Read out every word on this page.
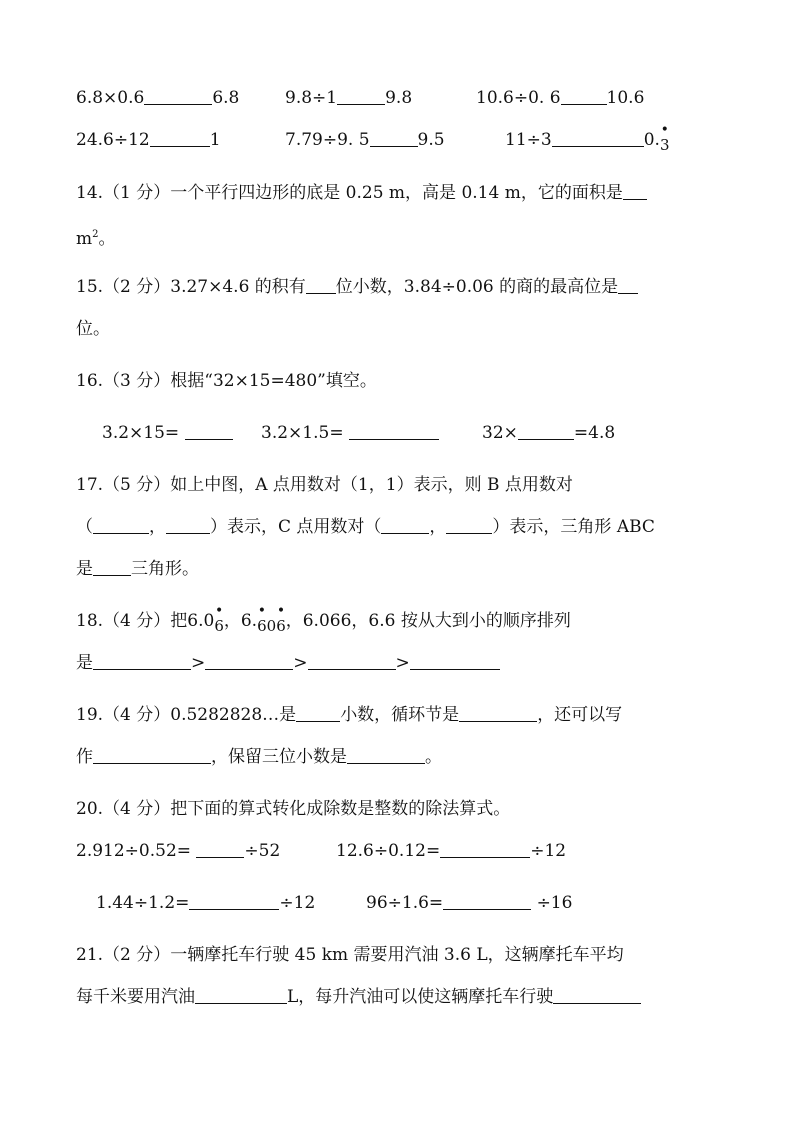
6.8×0.6	6.8	9.8÷1	9.8	10.6÷0. 6	10.6
24.6÷12	1	7.79÷9. 5	9.5	11÷3	0. •
3
14.（1 分）一个平行四边形的底是 0.25 m，高是 0.14 m，它的面积是
$m^2$。
15.（2 分）3.27×4.6 的积有 位小数，3.84÷0.06 的商的最高位是
位。
16.（3 分）根据“32×15=480”填空。
3.2×15=	3.2×1.5=	32×	=4.8
17.（5 分）如上中图，A 点用数对（1，1）表示，则 B 点用数对
（	，	）表示，C 点用数对（	，	）表示，三角形 ABC
是 三角形。
18.（4 分）把6.0 •
6，6. •
60
•
6，6.066，6.6 按从大到小的顺序排列
是	>	>	>
19.（4 分）0.5282828…是	小数，循环节是	，还可以写
作	，保留三位小数是	。
20.（4 分）把下面的算式转化成除数是整数的除法算式。
2.912÷0.52=	÷52	12.6÷0.12=	÷12
1.44÷1.2=	÷12	96÷1.6=	÷16
21.（2 分）一辆摩托车行驶 45 km 需要用汽油 3.6 L，这辆摩托车平均
每千米要用汽油	L，每升汽油可以使这辆摩托车行驶
